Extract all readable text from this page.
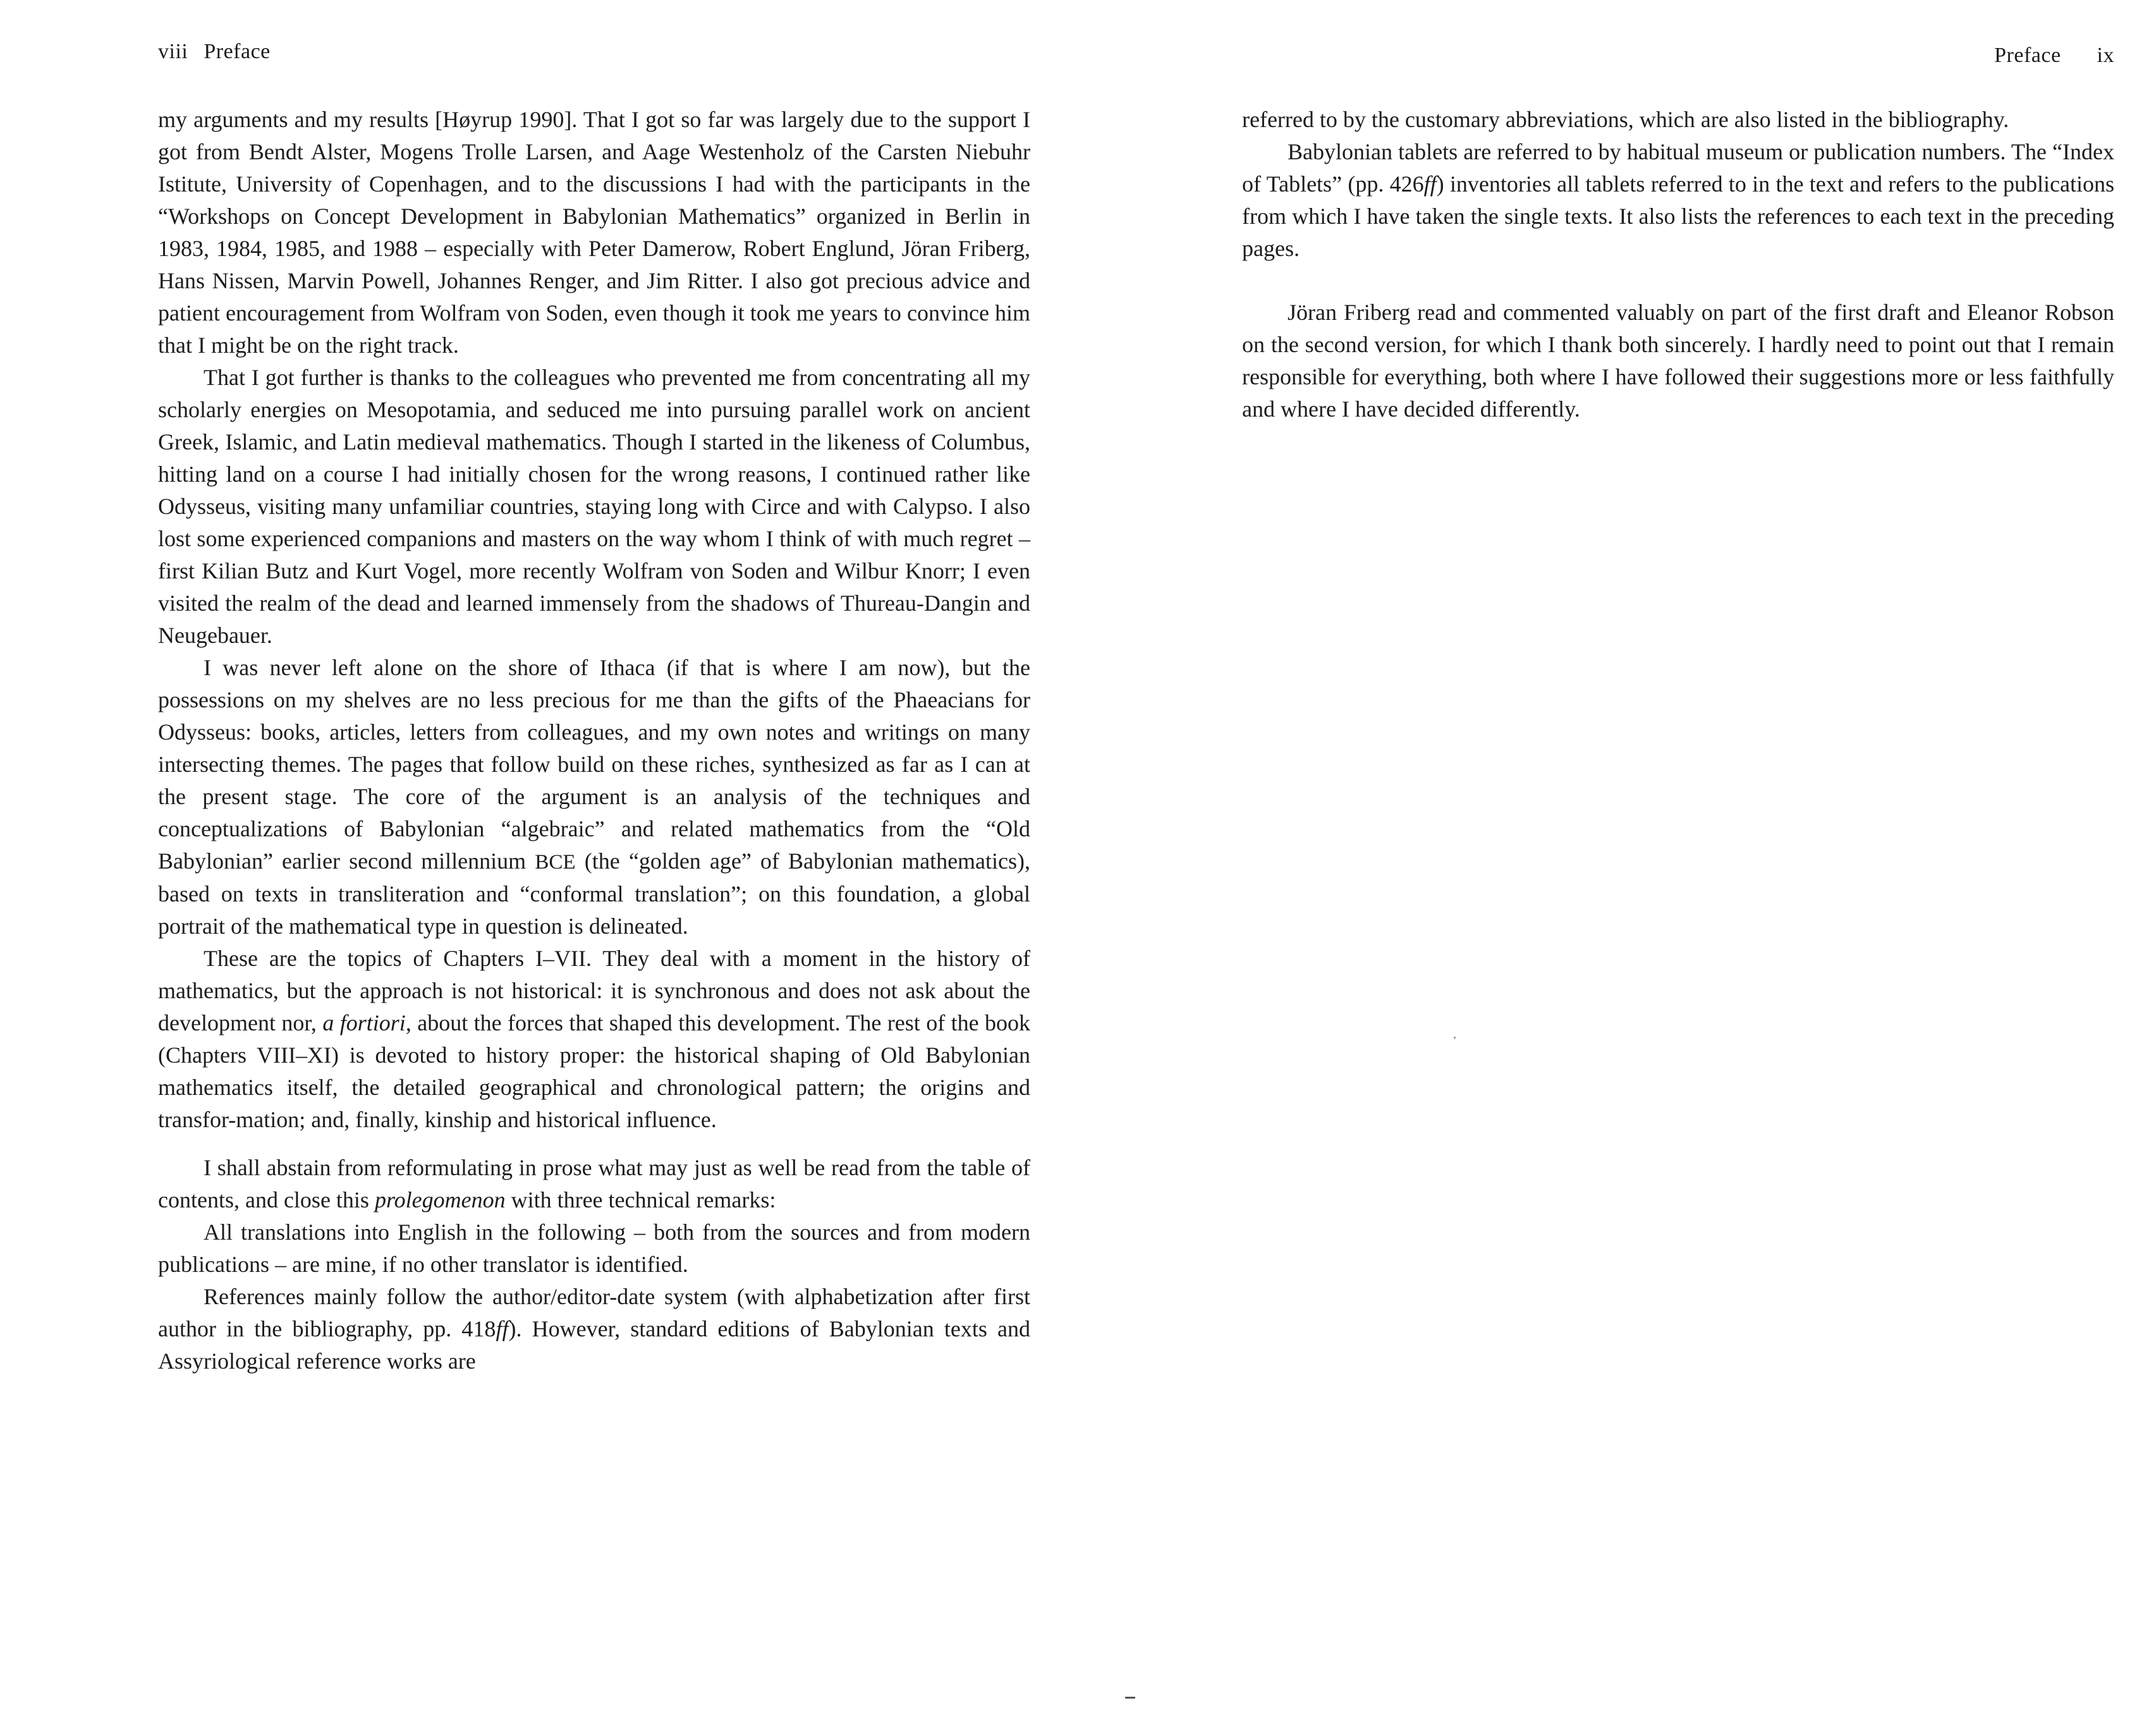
viii Preface

my arguments and my results [Høyrup 1990]. That I got so far was largely due to the support I got from Bendt Alster, Mogens Trolle Larsen, and Aage Westenholz of the Carsten Niebuhr Istitute, University of Copenhagen, and to the discussions I had with the participants in the “Workshops on Concept Development in Babylonian Mathematics” organized in Berlin in 1983, 1984, 1985, and 1988 – especially with Peter Damerow, Robert Englund, Jöran Friberg, Hans Nissen, Marvin Powell, Johannes Renger, and Jim Ritter. I also got precious advice and patient encouragement from Wolfram von Soden, even though it took me years to convince him that I might be on the right track.

That I got further is thanks to the colleagues who prevented me from concentrating all my scholarly energies on Mesopotamia, and seduced me into pursuing parallel work on ancient Greek, Islamic, and Latin medieval mathematics. Though I started in the likeness of Columbus, hitting land on a course I had initially chosen for the wrong reasons, I continued rather like Odysseus, visiting many unfamiliar countries, staying long with Circe and with Calypso. I also lost some experienced companions and masters on the way whom I think of with much regret – first Kilian Butz and Kurt Vogel, more recently Wolfram von Soden and Wilbur Knorr; I even visited the realm of the dead and learned immensely from the shadows of Thureau-Dangin and Neugebauer.

I was never left alone on the shore of Ithaca (if that is where I am now), but the possessions on my shelves are no less precious for me than the gifts of the Phaeacians for Odysseus: books, articles, letters from colleagues, and my own notes and writings on many intersecting themes. The pages that follow build on these riches, synthesized as far as I can at the present stage. The core of the argument is an analysis of the techniques and conceptualizations of Babylonian “algebraic” and related mathematics from the “Old Babylonian” earlier second millennium BCE (the “golden age” of Babylonian mathematics), based on texts in transliteration and “conformal translation”; on this foundation, a global portrait of the mathematical type in question is delineated.

These are the topics of Chapters I–VII. They deal with a moment in the history of mathematics, but the approach is not historical: it is synchronous and does not ask about the development nor, a fortiori, about the forces that shaped this development. The rest of the book (Chapters VIII–XI) is devoted to history proper: the historical shaping of Old Babylonian mathematics itself, the detailed geographical and chronological pattern; the origins and transfor-mation; and, finally, kinship and historical influence.

I shall abstain from reformulating in prose what may just as well be read from the table of contents, and close this prolegomenon with three technical remarks:

All translations into English in the following – both from the sources and from modern publications – are mine, if no other translator is identified.

References mainly follow the author/editor-date system (with alphabetization after first author in the bibliography, pp. 418ff). However, standard editions of Babylonian texts and Assyriological reference works are

Preface ix

referred to by the customary abbreviations, which are also listed in the bibliography.

Babylonian tablets are referred to by habitual museum or publication numbers. The “Index of Tablets” (pp. 426ff) inventories all tablets referred to in the text and refers to the publications from which I have taken the single texts. It also lists the references to each text in the preceding pages.

Jöran Friberg read and commented valuably on part of the first draft and Eleanor Robson on the second version, for which I thank both sincerely. I hardly need to point out that I remain responsible for everything, both where I have followed their suggestions more or less faithfully and where I have decided differently.
